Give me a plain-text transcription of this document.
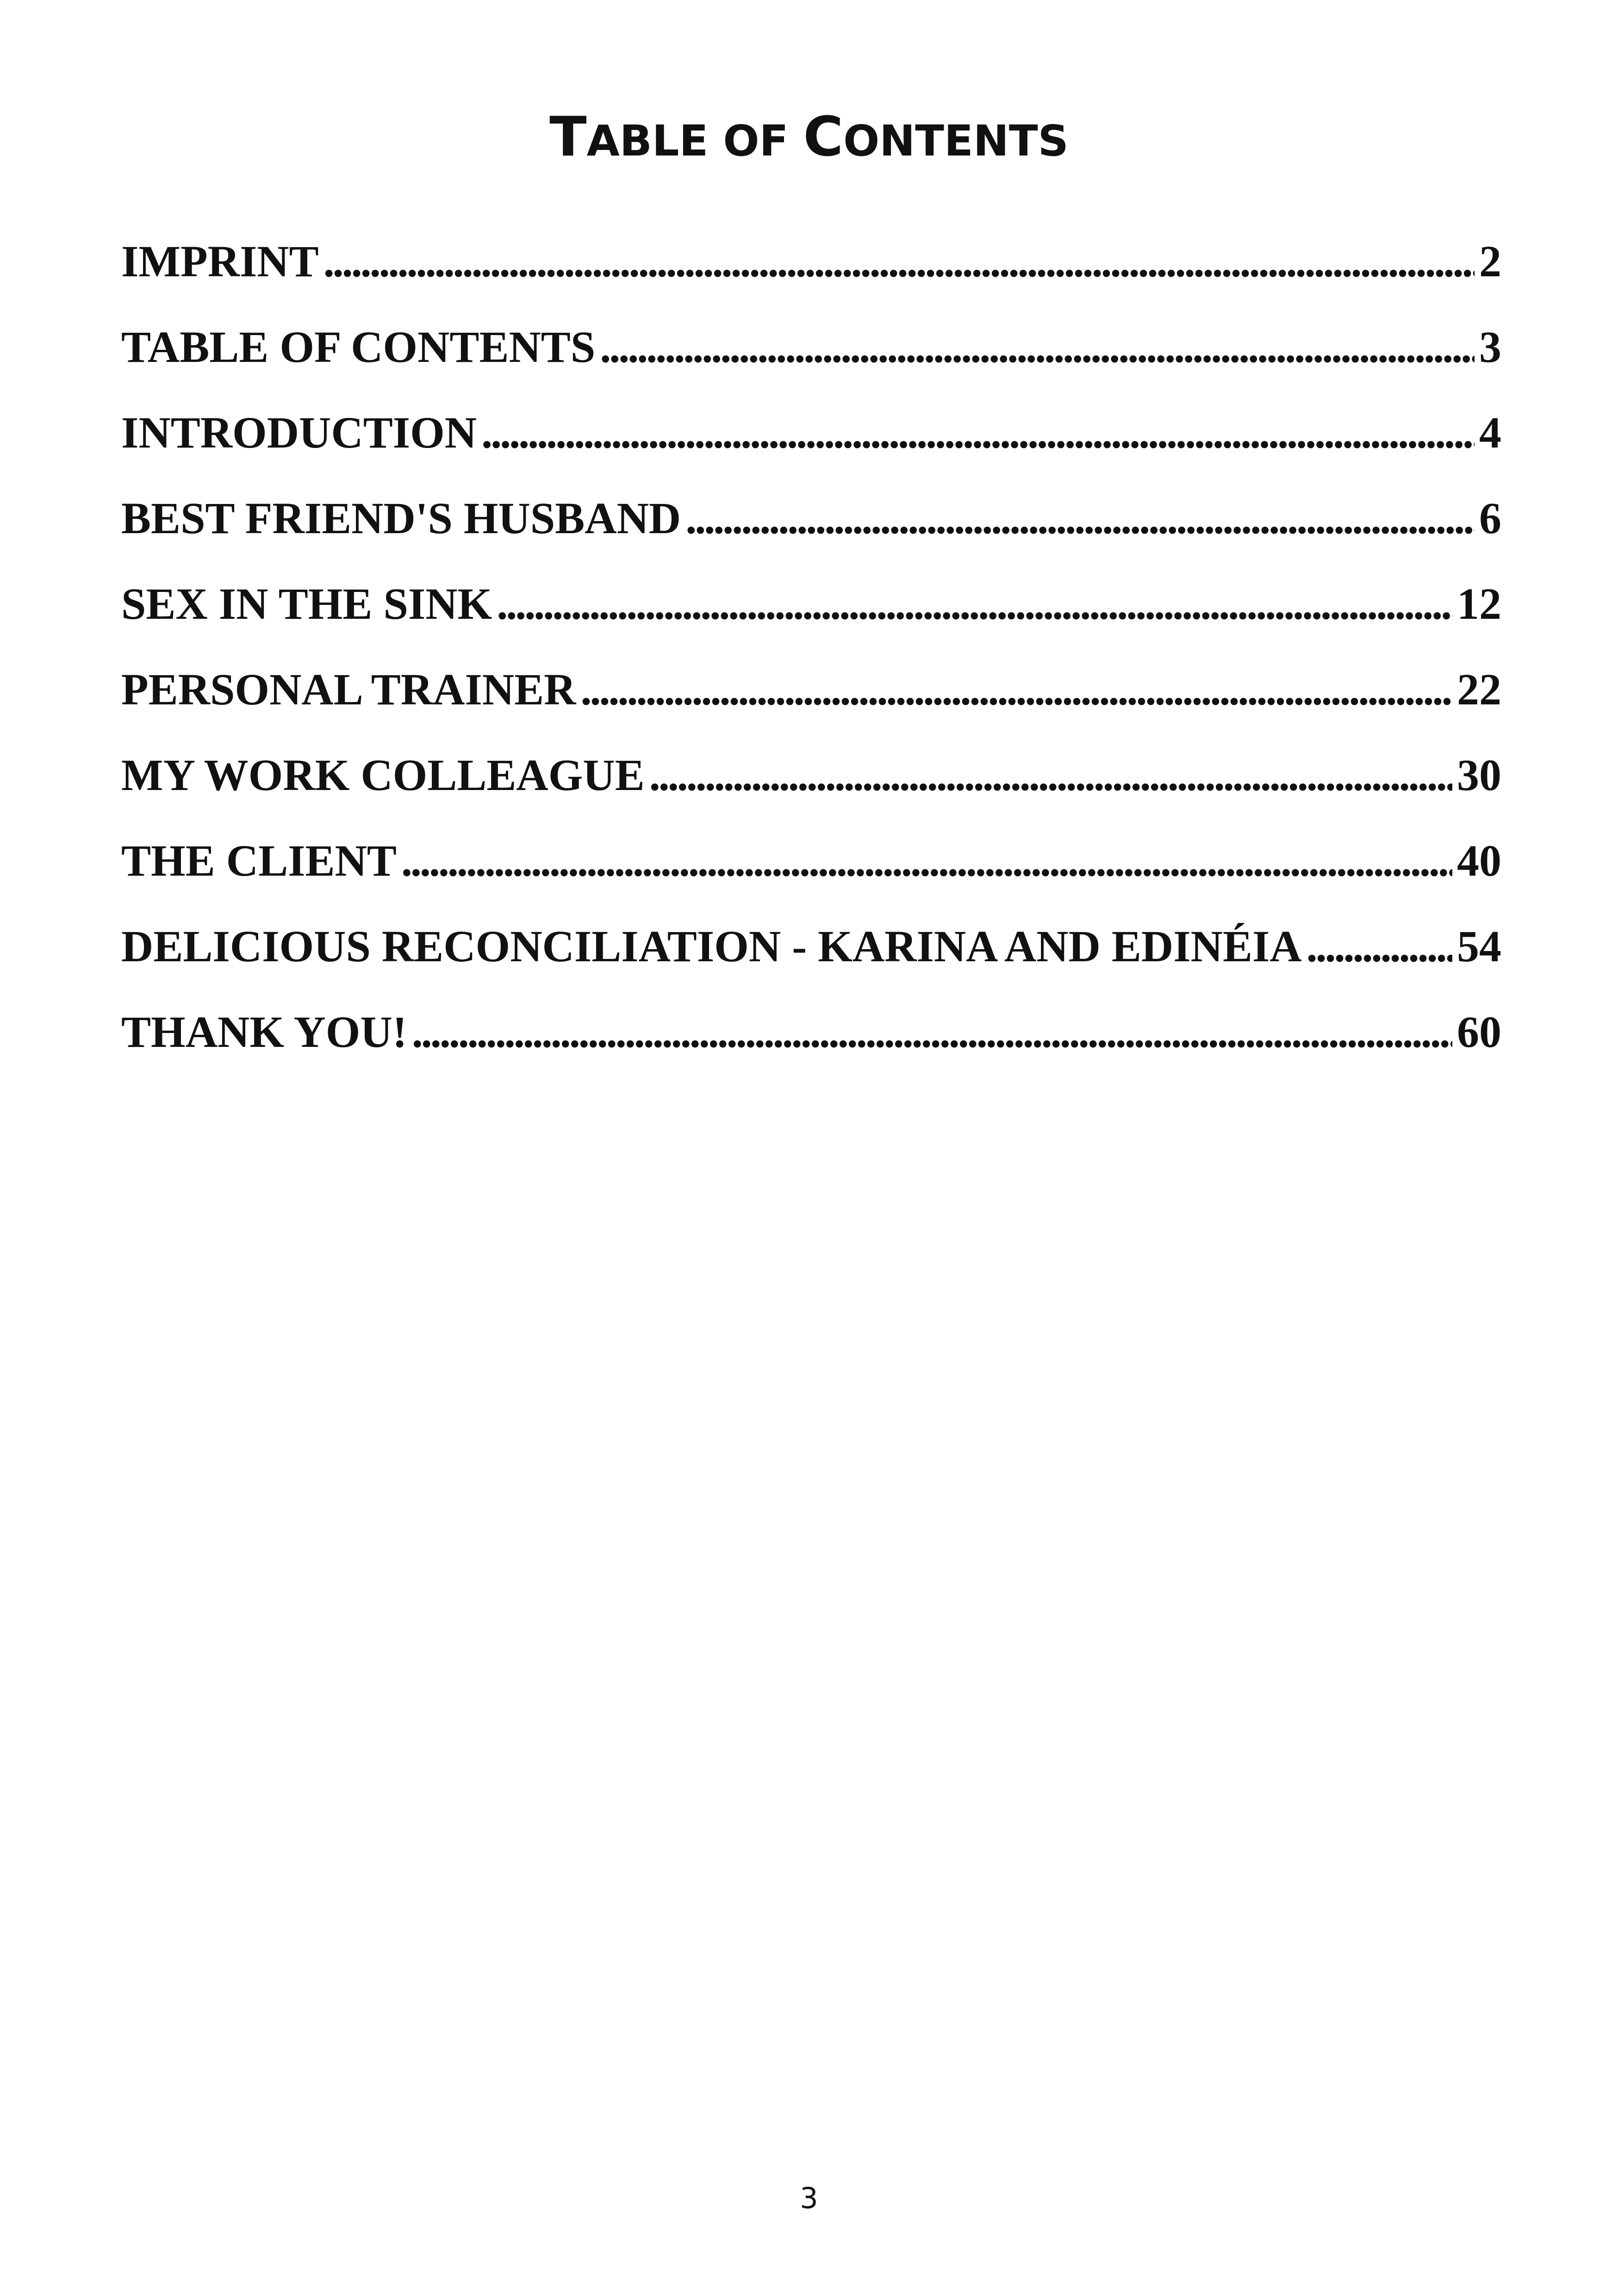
TABLE OF CONTENTS
IMPRINT . . .	2
TABLE OF CONTENTS . . .	3
INTRODUCTION . . .	4
BEST FRIEND'S HUSBAND . . .	6
SEX IN THE SINK . . .	12
PERSONAL TRAINER . . .	22
MY WORK COLLEAGUE . . .	30
THE CLIENT . . .	40
DELICIOUS RECONCILIATION - KARINA AND EDINÉIA . . .	54
THANK YOU! . . .	60
3
